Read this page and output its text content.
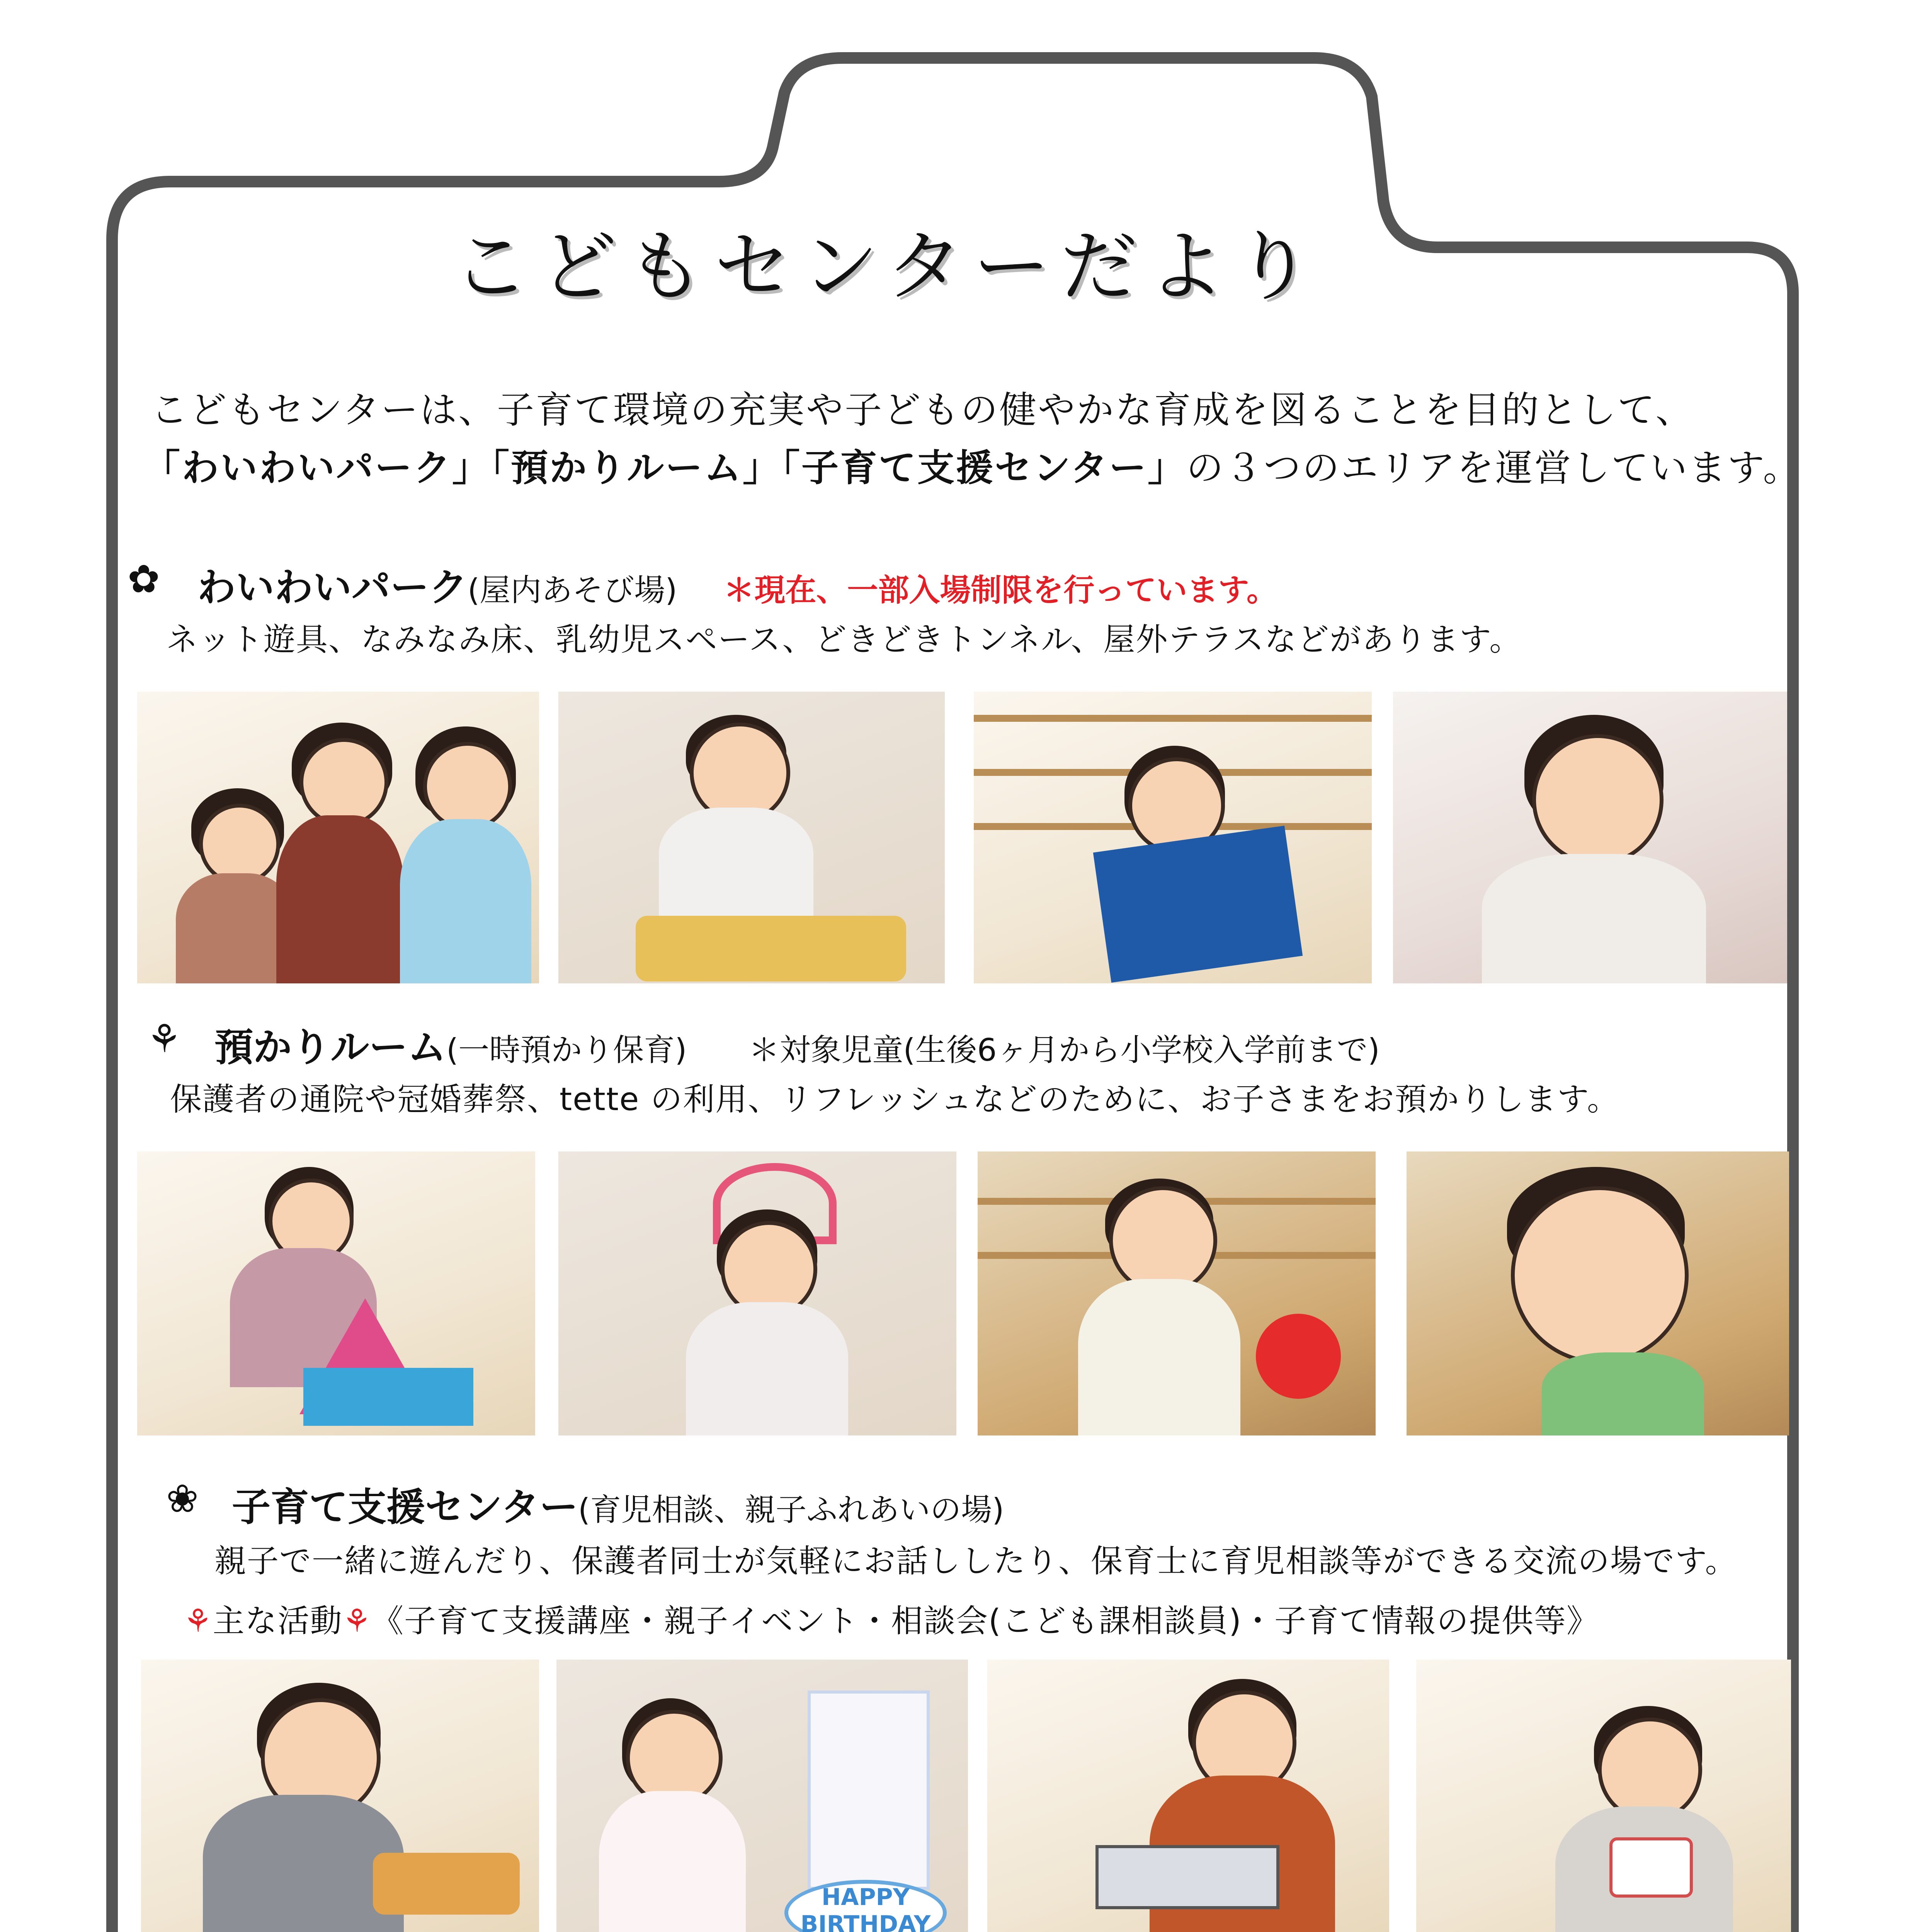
こどもセンターだより
こどもセンターは、子育て環境の充実や子どもの健やかな育成を図ることを目的として、
「わいわいパーク」「預かりルーム」「子育て支援センター」の３つのエリアを運営しています。
✿ わいわいパーク(屋内あそび場) ＊現在、一部入場制限を行っています。
ネット遊具、なみなみ床、乳幼児スペース、どきどきトンネル、屋外テラスなどがあります。
⚘ 預かりルーム(一時預かり保育) ＊対象児童(生後6ヶ月から小学校入学前まで)
保護者の通院や冠婚葬祭、tette の利用、リフレッシュなどのために、お子さまをお預かりします。
❀ 子育て支援センター(育児相談、親子ふれあいの場)
親子で一緒に遊んだり、保護者同士が気軽にお話ししたり、保育士に育児相談等ができる交流の場です。
⚘主な活動⚘《子育て支援講座・親子イベント・相談会(こども課相談員)・子育て情報の提供等》
HAPPY BIRTHDAY
